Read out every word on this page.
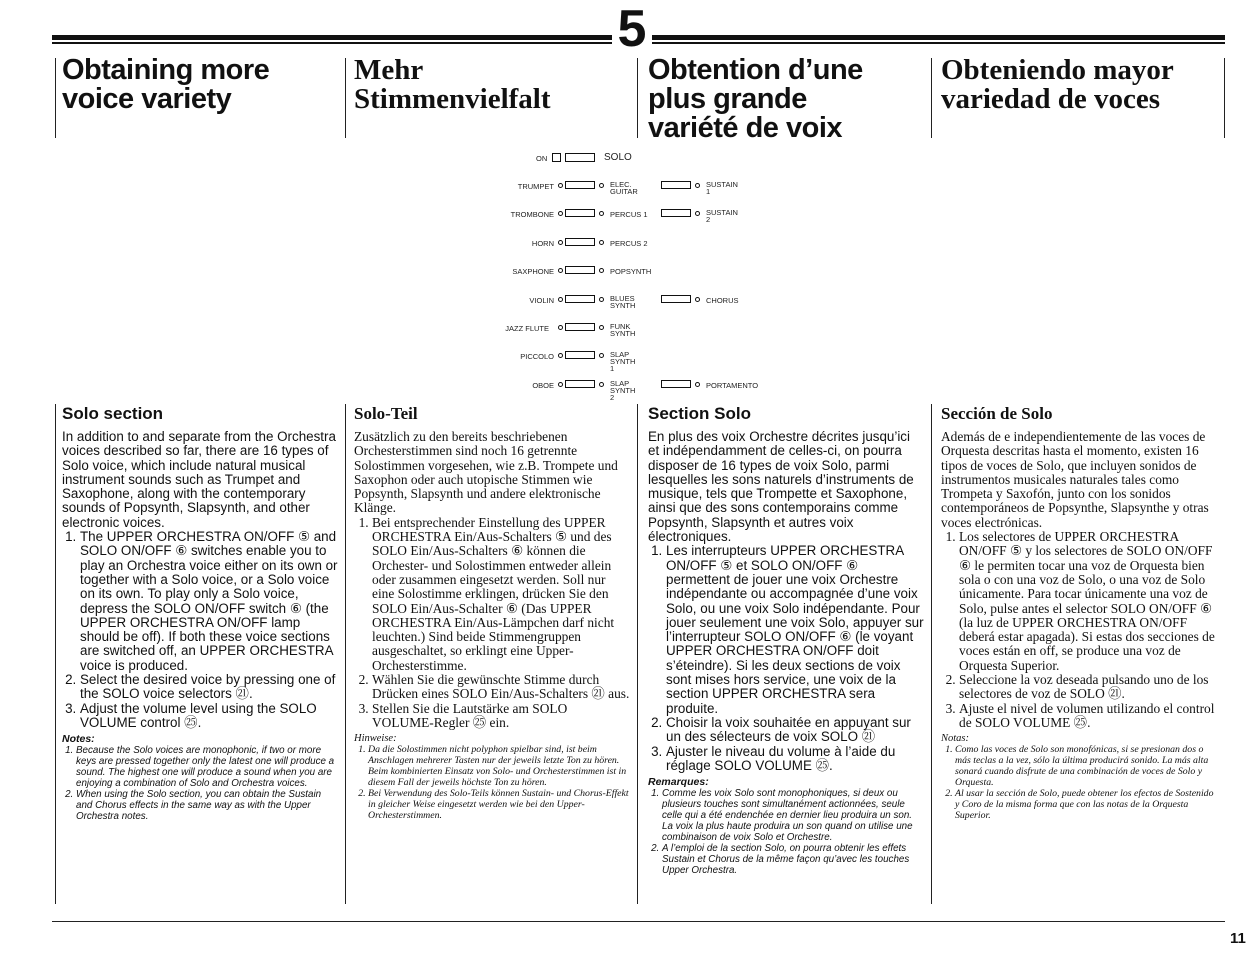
5
Obtaining more
voice variety
Mehr
Stimmenvielfalt
Obtention d’une
plus grande
variété de voix
Obteniendo mayor
variedad de voces
ON	SOLO
TRUMPET
TROMBONE
HORN
SAXPHONE
VIOLIN
JAZZ FLUTE
PICCOLO
OBOE
ELEC. GUITAR
PERCUS 1
PERCUS 2
POPSYNTH
BLUES SYNTH
FUNK SYNTH
SLAP SYNTH 1
SLAP SYNTH 2
SUSTAIN 1
SUSTAIN 2
CHORUS
PORTAMENTO
Solo section

In addition to and separate from the Orchestra voices described so far, there are 16 types of Solo voice, which include natural musical instrument sounds such as Trumpet and Saxophone, along with the contemporary sounds of Popsynth, Slapsynth, and other electronic voices.

1. The UPPER ORCHESTRA ON/OFF ⑤ and SOLO ON/OFF ⑥ switches enable you to play an Orchestra voice either on its own or together with a Solo voice, or a Solo voice on its own. To play only a Solo voice, depress the SOLO ON/OFF switch ⑥ (the UPPER ORCHESTRA ON/OFF lamp should be off). If both these voice sections are switched off, an UPPER ORCHESTRA voice is produced.
2. Select the desired voice by pressing one of the SOLO voice selectors ㉑.
3. Adjust the volume level using the SOLO VOLUME control ㉕.

Notes:

1. Because the Solo voices are monophonic, if two or more keys are pressed together only the latest one will produce a sound. The highest one will produce a sound when you are enjoying a combination of Solo and Orchestra voices.
2. When using the Solo section, you can obtain the Sustain and Chorus effects in the same way as with the Upper Orchestra notes.
Solo-Teil

Zusätzlich zu den bereits beschriebenen Orchesterstimmen sind noch 16 getrennte Solostimmen vorgesehen, wie z.B. Trompete und Saxophon oder auch utopische Stimmen wie Popsynth, Slapsynth und andere elektronische Klänge.

1. Bei entsprechender Einstellung des UPPER ORCHESTRA Ein/Aus-Schalters ⑤ und des SOLO Ein/Aus-Schalters ⑥ können die Orchester- und Solostimmen entweder allein oder zusammen eingesetzt werden. Soll nur eine Solostimme erklingen, drücken Sie den SOLO Ein/Aus-Schalter ⑥ (Das UPPER ORCHESTRA Ein/Aus-Lämpchen darf nicht leuchten.) Sind beide Stimmengruppen ausgeschaltet, so erklingt eine Upper-Orchesterstimme.
2. Wählen Sie die gewünschte Stimme durch Drücken eines SOLO Ein/Aus-Schalters ㉑ aus.
3. Stellen Sie die Lautstärke am SOLO VOLUME-Regler ㉕ ein.

Hinweise:

1. Da die Solostimmen nicht polyphon spielbar sind, ist beim Anschlagen mehrerer Tasten nur der jeweils letzte Ton zu hören. Beim kombinierten Einsatz von Solo- und Orchesterstimmen ist in diesem Fall der jeweils höchste Ton zu hören.
2. Bei Verwendung des Solo-Teils können Sustain- und Chorus-Effekt in gleicher Weise eingesetzt werden wie bei den Upper-Orchesterstimmen.
Section Solo

En plus des voix Orchestre décrites jusqu’ici et indépendamment de celles-ci, on pourra disposer de 16 types de voix Solo, parmi lesquelles les sons naturels d’instruments de musique, tels que Trompette et Saxophone, ainsi que des sons contemporains comme Popsynth, Slapsynth et autres voix électroniques.

1. Les interrupteurs UPPER ORCHESTRA ON/OFF ⑤ et SOLO ON/OFF ⑥ permettent de jouer une voix Orchestre indépendante ou accompagnée d’une voix Solo, ou une voix Solo indépendante. Pour jouer seulement une voix Solo, appuyer sur l’interrupteur SOLO ON/OFF ⑥ (le voyant UPPER ORCHESTRA ON/OFF doit s’éteindre). Si les deux sections de voix sont mises hors service, une voix de la section UPPER ORCHESTRA sera produite.
2. Choisir la voix souhaitée en appuyant sur un des sélecteurs de voix SOLO ㉑
3. Ajuster le niveau du volume à l’aide du réglage SOLO VOLUME ㉕.

Remarques:

1. Comme les voix Solo sont monophoniques, si deux ou plusieurs touches sont simultanément actionnées, seule celle qui a été endenchée en dernier lieu produira un son. La voix la plus haute produira un son quand on utilise une combinaison de voix Solo et Orchestre.
2. A l’emploi de la section Solo, on pourra obtenir les effets Sustain et Chorus de la même façon qu’avec les touches Upper Orchestra.
Sección de Solo

Además de e independientemente de las voces de Orquesta descritas hasta el momento, existen 16 tipos de voces de Solo, que incluyen sonidos de instrumentos musicales naturales tales como Trompeta y Saxofón, junto con los sonidos contemporáneos de Popsynthe, Slapsynthe y otras voces electrónicas.

1. Los selectores de UPPER ORCHESTRA ON/OFF ⑤ y los selectores de SOLO ON/OFF ⑥ le permiten tocar una voz de Orquesta bien sola o con una voz de Solo, o una voz de Solo únicamente. Para tocar únicamente una voz de Solo, pulse antes el selector SOLO ON/OFF ⑥ (la luz de UPPER ORCHESTRA ON/OFF deberá estar apagada). Si estas dos secciones de voces están en off, se produce una voz de Orquesta Superior.
2. Seleccione la voz deseada pulsando uno de los selectores de voz de SOLO ㉑.
3. Ajuste el nivel de volumen utilizando el control de SOLO VOLUME ㉕.

Notas:

1. Como las voces de Solo son monofónicas, si se presionan dos o más teclas a la vez, sólo la última producirá sonido. La más alta sonará cuando disfrute de una combinación de voces de Solo y Orquesta.
2. Al usar la sección de Solo, puede obtener los efectos de Sostenido y Coro de la misma forma que con las notas de la Orquesta Superior.
11
